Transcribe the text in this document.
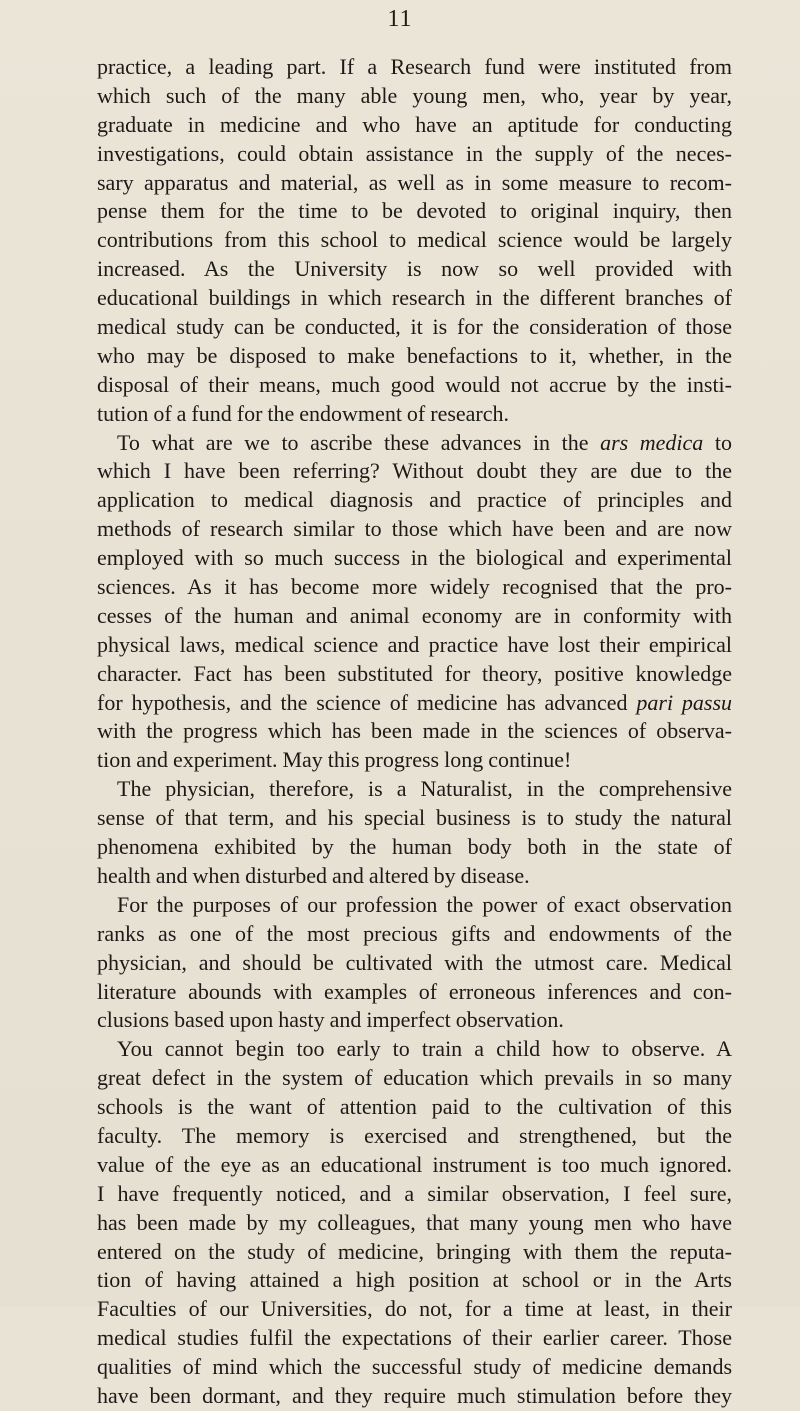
11
practice, a leading part. If a Research fund were instituted from
which such of the many able young men, who, year by year,
graduate in medicine and who have an aptitude for conducting
investigations, could obtain assistance in the supply of the neces-
sary apparatus and material, as well as in some measure to recom-
pense them for the time to be devoted to original inquiry, then
contributions from this school to medical science would be largely
increased. As the University is now so well provided with
educational buildings in which research in the different branches of
medical study can be conducted, it is for the consideration of those
who may be disposed to make benefactions to it, whether, in the
disposal of their means, much good would not accrue by the insti-
tution of a fund for the endowment of research.
To what are we to ascribe these advances in the ars medica to
which I have been referring? Without doubt they are due to the
application to medical diagnosis and practice of principles and
methods of research similar to those which have been and are now
employed with so much success in the biological and experimental
sciences. As it has become more widely recognised that the pro-
cesses of the human and animal economy are in conformity with
physical laws, medical science and practice have lost their empirical
character. Fact has been substituted for theory, positive knowledge
for hypothesis, and the science of medicine has advanced pari passu
with the progress which has been made in the sciences of observa-
tion and experiment. May this progress long continue!
The physician, therefore, is a Naturalist, in the comprehensive
sense of that term, and his special business is to study the natural
phenomena exhibited by the human body both in the state of
health and when disturbed and altered by disease.
For the purposes of our profession the power of exact observation
ranks as one of the most precious gifts and endowments of the
physician, and should be cultivated with the utmost care. Medical
literature abounds with examples of erroneous inferences and con-
clusions based upon hasty and imperfect observation.
You cannot begin too early to train a child how to observe. A
great defect in the system of education which prevails in so many
schools is the want of attention paid to the cultivation of this
faculty. The memory is exercised and strengthened, but the
value of the eye as an educational instrument is too much ignored.
I have frequently noticed, and a similar observation, I feel sure,
has been made by my colleagues, that many young men who have
entered on the study of medicine, bringing with them the reputa-
tion of having attained a high position at school or in the Arts
Faculties of our Universities, do not, for a time at least, in their
medical studies fulfil the expectations of their earlier career. Those
qualities of mind which the successful study of medicine demands
have been dormant, and they require much stimulation before they
